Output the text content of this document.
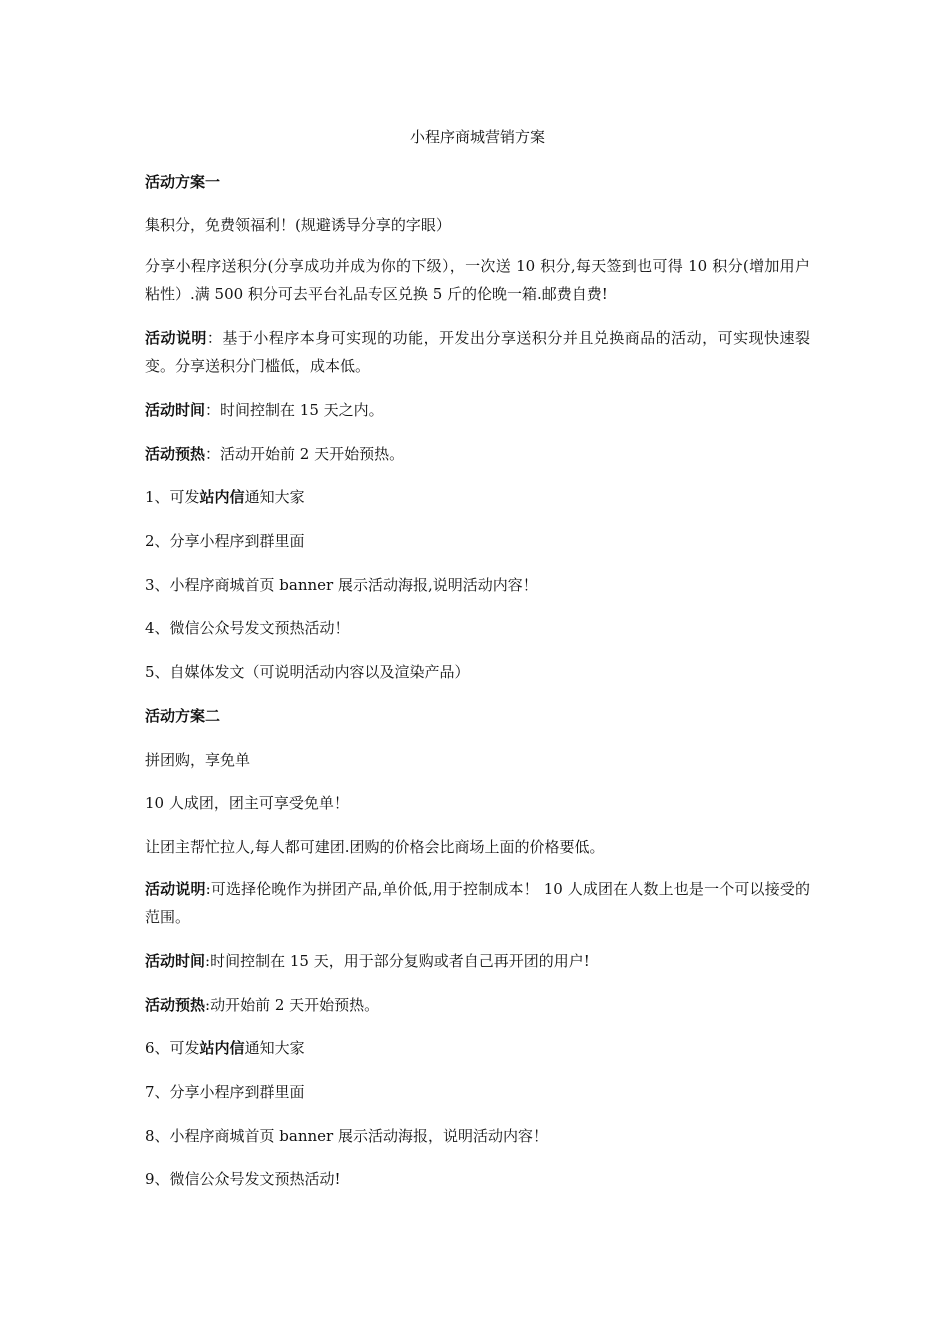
小程序商城营销方案

活动方案一

集积分，免费领福利！(规避诱导分享的字眼）

分享小程序送积分(分享成功并成为你的下级），一次送 10 积分,每天签到也可得 10 积分(增加用户粘性）.满 500 积分可去平台礼品专区兑换 5 斤的伦晚一箱.邮费自费!

活动说明：基于小程序本身可实现的功能，开发出分享送积分并且兑换商品的活动，可实现快速裂变。分享送积分门槛低，成本低。

活动时间：时间控制在 15 天之内。

活动预热：活动开始前 2 天开始预热。

1、可发站内信通知大家

2、分享小程序到群里面

3、小程序商城首页 banner 展示活动海报,说明活动内容！

4、微信公众号发文预热活动！

5、自媒体发文（可说明活动内容以及渲染产品）

活动方案二

拼团购，享免单

10 人成团，团主可享受免单！

让团主帮忙拉人,每人都可建团.团购的价格会比商场上面的价格要低。

活动说明:可选择伦晚作为拼团产品,单价低,用于控制成本！ 10 人成团在人数上也是一个可以接受的范围。

活动时间:时间控制在 15 天，用于部分复购或者自己再开团的用户!

活动预热:动开始前 2 天开始预热。

6、可发站内信通知大家

7、分享小程序到群里面

8、小程序商城首页 banner 展示活动海报，说明活动内容！

9、微信公众号发文预热活动!
